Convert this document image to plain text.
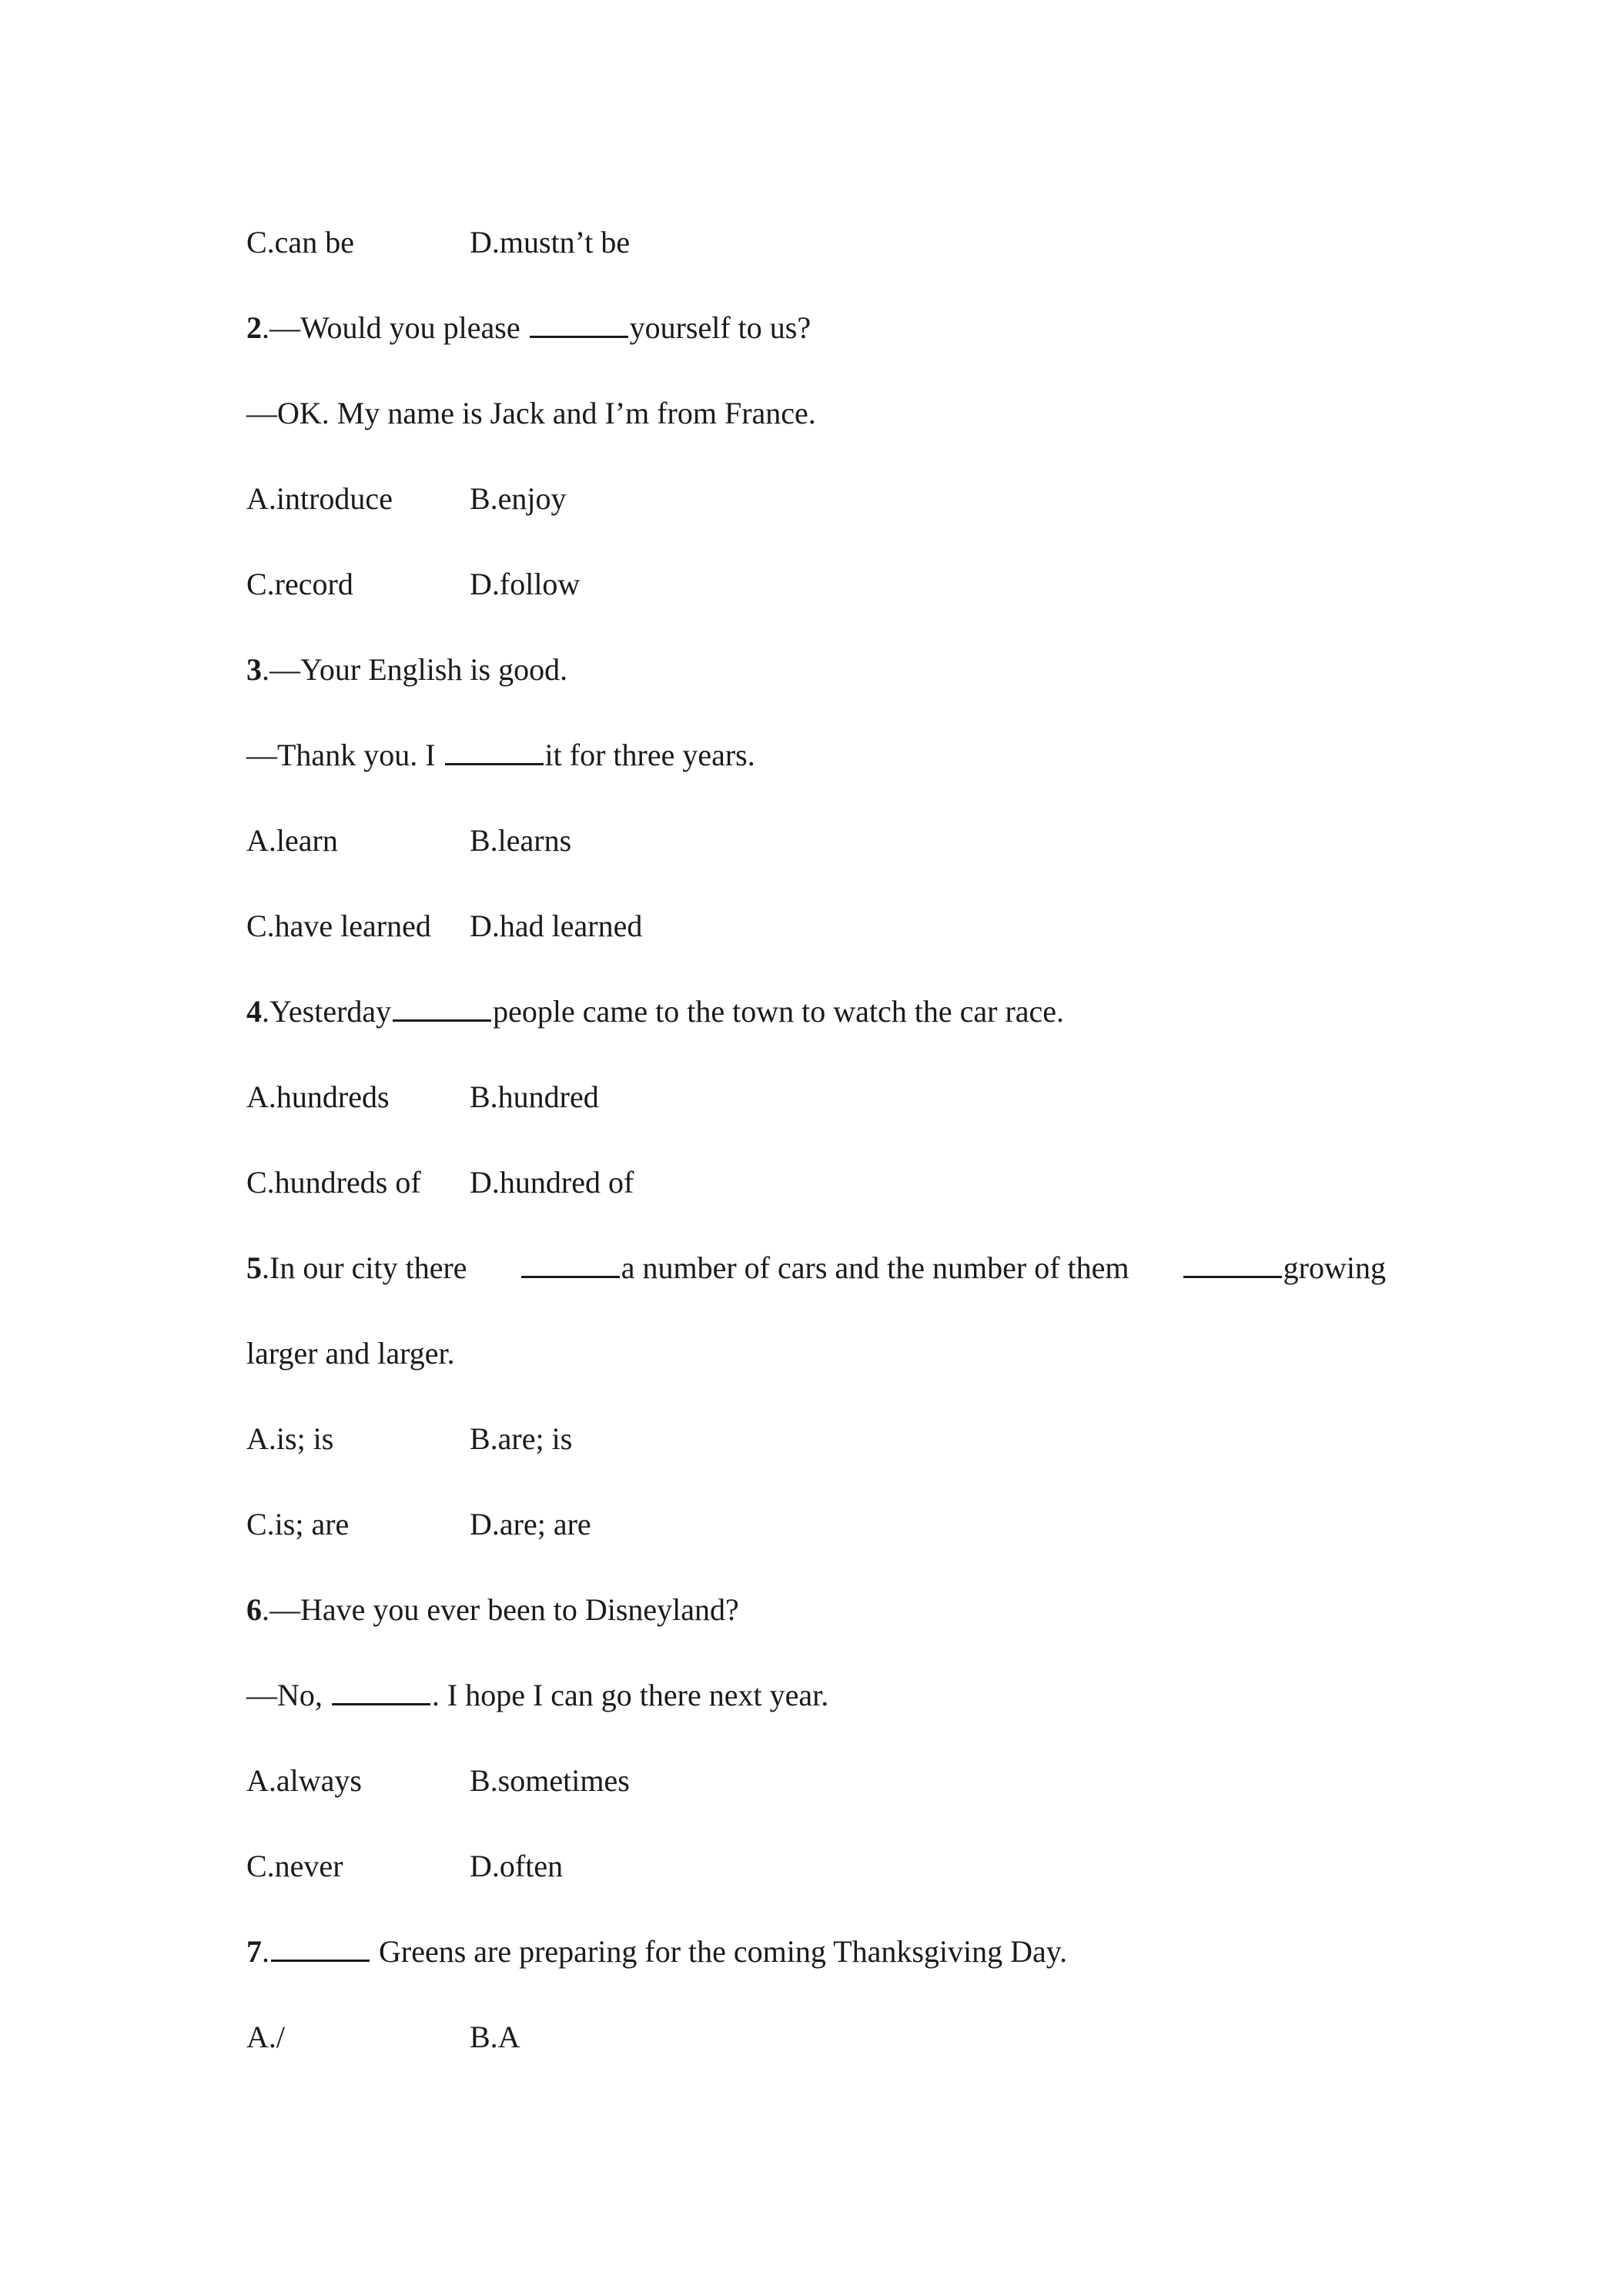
C.can be	D.mustn’t be
2.—Would you please	yourself to us?
—OK. My name is Jack and I’m from France.
A.introduce	B.enjoy
C.record	D.follow
3.—Your English is good.
—Thank you. I	it for three years.
A.learn	B.learns
C.have learned D.had learned
4.Yesterday	people came to the town to watch the car race.
A.hundreds	B.hundred
C.hundreds of D.hundred of
5.In our city there	a number of cars and the number of them	growing
larger and larger.
A.is; is	B.are; is
C.is; are	D.are; are
6.—Have you ever been to Disneyland?
—No,	. I hope I can go there next year.
A.always	B.sometimes
C.never	D.often
7.	Greens are preparing for the coming Thanksgiving Day.
A./	B.A
